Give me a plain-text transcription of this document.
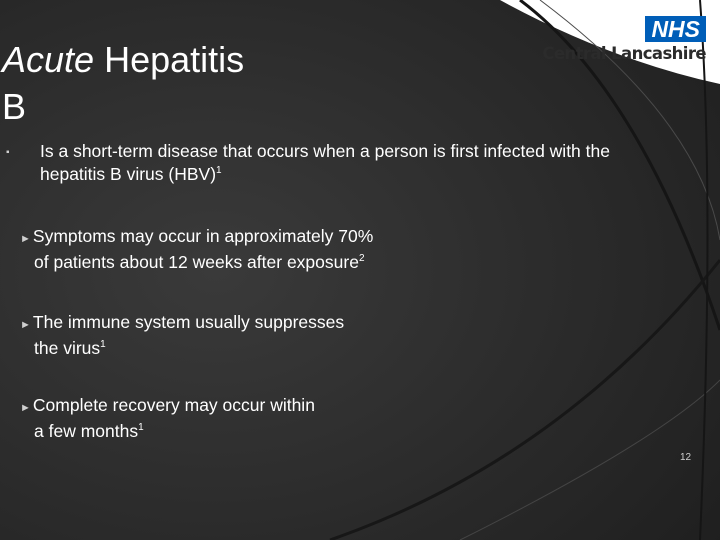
Acute Hepatitis
B
NHS
Central Lancashire
▪	Is a short-term disease that occurs when a person is first infected with the
hepatitis B virus (HBV)$^1$
► Symptoms may occur in approximately 70%
of patients about 12 weeks after exposure$^2$
► The immune system usually suppresses
the virus$^1$
► Complete recovery may occur within
a few months$^1$
12
